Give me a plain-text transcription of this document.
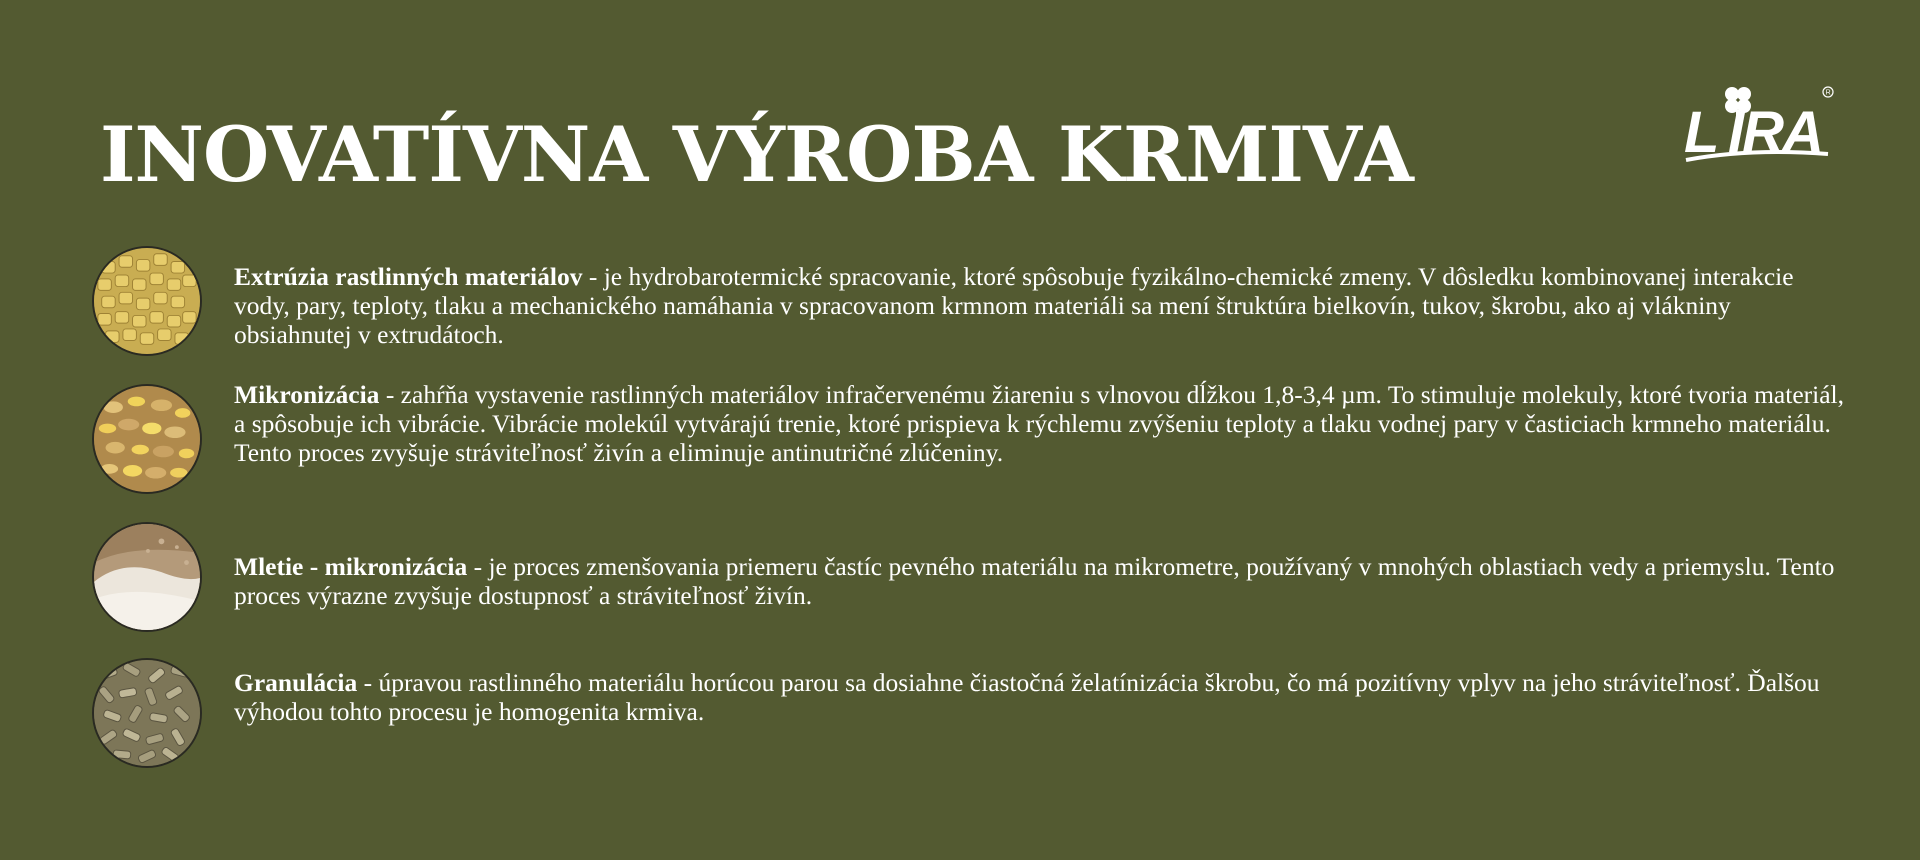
INOVATÍVNA VÝROBA KRMIVA	L IRA
R

Extrúzia rastlinných materiálov - je hydrobarotermické spracovanie, ktoré spôsobuje fyzikálno-chemické zmeny. V dôsledku kombinovanej interakcie vody, pary, teploty, tlaku a mechanického namáhania v spracovanom krmnom materiáli sa mení štruktúra bielkovín, tukov, škrobu, ako aj vlákniny obsiahnutej v extrudátoch.

Mikronizácia - zahŕňa vystavenie rastlinných materiálov infračervenému žiareniu s vlnovou dĺžkou 1,8-3,4 µm. To stimuluje molekuly, ktoré tvoria materiál, a spôsobuje ich vibrácie. Vibrácie molekúl vytvárajú trenie, ktoré prispieva k rýchlemu zvýšeniu teploty a tlaku vodnej pary v časticiach krmneho materiálu. Tento proces zvyšuje stráviteľnosť živín a eliminuje antinutričné zlúčeniny.

Mletie - mikronizácia - je proces zmenšovania priemeru častíc pevného materiálu na mikrometre, používaný v mnohých oblastiach vedy a priemyslu. Tento proces výrazne zvyšuje dostupnosť a stráviteľnosť živín.

Granulácia - úpravou rastlinného materiálu horúcou parou sa dosiahne čiastočná želatínizácia škrobu, čo má pozitívny vplyv na jeho stráviteľnosť. Ďalšou výhodou tohto procesu je homogenita krmiva.
